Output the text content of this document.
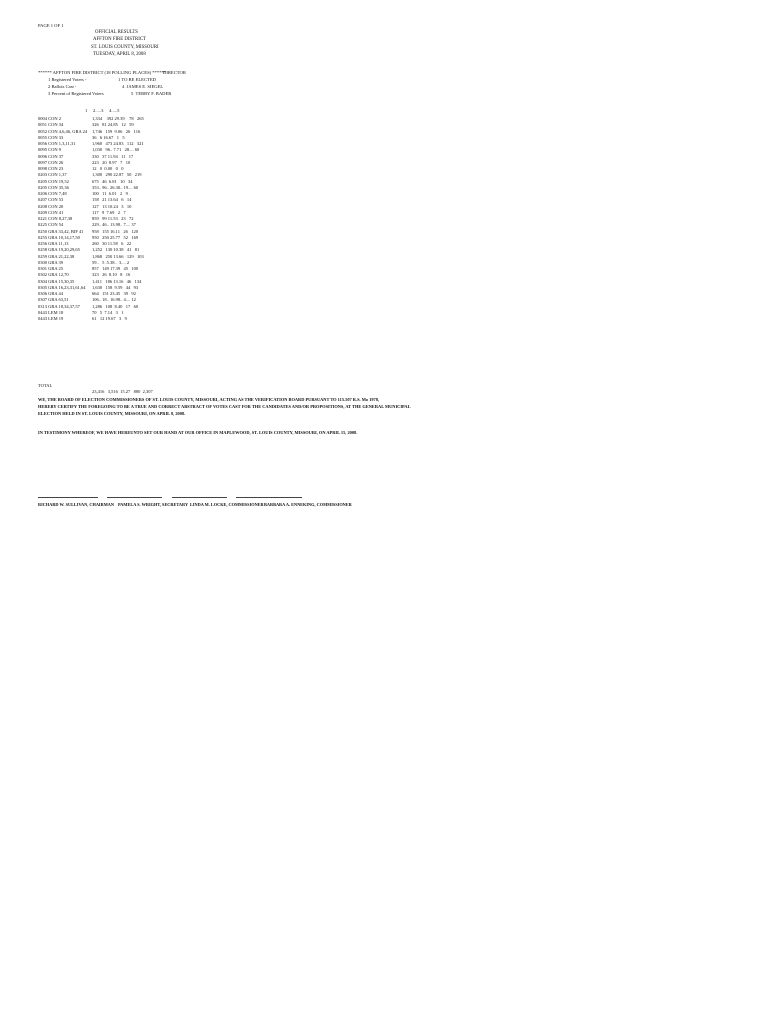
PAGE 1 OF 1
OFFICIAL RESULTS
AFFTON FIRE DISTRICT
ST. LOUIS COUNTY, MISSOURI
TUESDAY, APRIL 8, 2008
****** AFFTON FIRE DISTRICT (18 POLLING PLACES) ******
DIRECTOR
1 Registered Voters -
2 Ballots Cast -
3 Percent of Registered Voters
1 TO BE ELECTED
4  JAMES E. SIEGEL
5  TERRY F. BADER
1     2.....3     4.....5
0004 CON 2	1,334    392 29.39    78   265
0051 CON 34	326   81 24.85   12   59
0052 CON 4,6,46, GRA 24 1,746   159  9.06   26   116
0055 CON 33	36   6 16.67   1   5
0056 CON 1,3,11,31	1,960   473 24.83   112   321
0095 CON 9	1,030   96.. 7.71   28.... 60
0096 CON 37	330   37 11.94   11   17
0097 CON 26	223   20  8.97   7   10
0098 CON 23	12   0  0.00   0   0
0203 CON 1,37	1,300   290 22.87   50   219
0205 CON 19,52	675   46  6.81   10   34
0205 CON 35,36	353.. 96.. 26.30.. 19.... 60
0206 CON 7,48	100   11  6.01   2   9
0207 CON 53	158   21 13.64   6   14
0208 CON 20	127   13 10.24   3   10
0209 CON 41	117   9  7.69   2   7
0221 CON 8,27,38	859   99 11.53   23   72
0225 CON 54	229.. 46.. 13.98.. 7.... 37
0250 GRA 33,42, BIF 41 958   155 16.11   26   120
0255 GRA 10,14,17,50	950   250 25.77   52   169
0256 GRA 11,13	260   30 11.58   6   22
0258 GRA 19,20,29,65	1,252   130 10.38   41   81
0259 GRA 21,22,38	1,868   250 13.66   129   103
0300 GRA 39	59..   5 .5.38..  3.... 2
0301 GRA 25	857   149 17.39   45   100
0302 GRA 12,70	323   26  8.10   8   16
0304 GRA 15,30,35	1,411   186 13.16   46   134
0305 GRA 16,23,31,61,64 1,630   158  9.59   44   93
0306 GRA 44	664   151 23.45   39   92
0307 GRA 63,51	106.. 18.. 16.98.. 4.... 12
0313 GRA 18,34,37,57	1,286   108  8.40   17   60
0443 LEM 18	70   5  7.14   3   1
0443 LEM 19	61   12 19.67   3   9

TOTAL

23,416   3,516  15.27   880  2,307

WE, THE BOARD OF ELECTION COMMISSIONERS OF ST. LOUIS COUNTY, MISSOURI, ACTING AS THE VERIFICATION BOARD PURSUANT TO 115.507 R.S. Mo 1978,
HEREBY CERTIFY THE FOREGOING TO BE A TRUE AND CORRECT ABSTRACT OF VOTES CAST FOR THE CANDIDATES AND/OR PROPOSITIONS, AT THE GENERAL MUNICIPAL
ELECTION HELD IN ST. LOUIS COUNTY, MISSOURI, ON APRIL 8, 2008.
IN TESTIMONY WHEREOF, WE HAVE HEREUNTO SET OUR HAND AT OUR OFFICE IN MAPLEWOOD, ST. LOUIS COUNTY, MISSOURI, ON APRIL 15, 2008.
RICHARD W. SULLIVAN, CHAIRMAN PAMELA S. WRIGHT, SECRETARY LINDA M. LOCKE, COMMISSIONER BARBARA A. ENNEKING, COMMISSIONER
